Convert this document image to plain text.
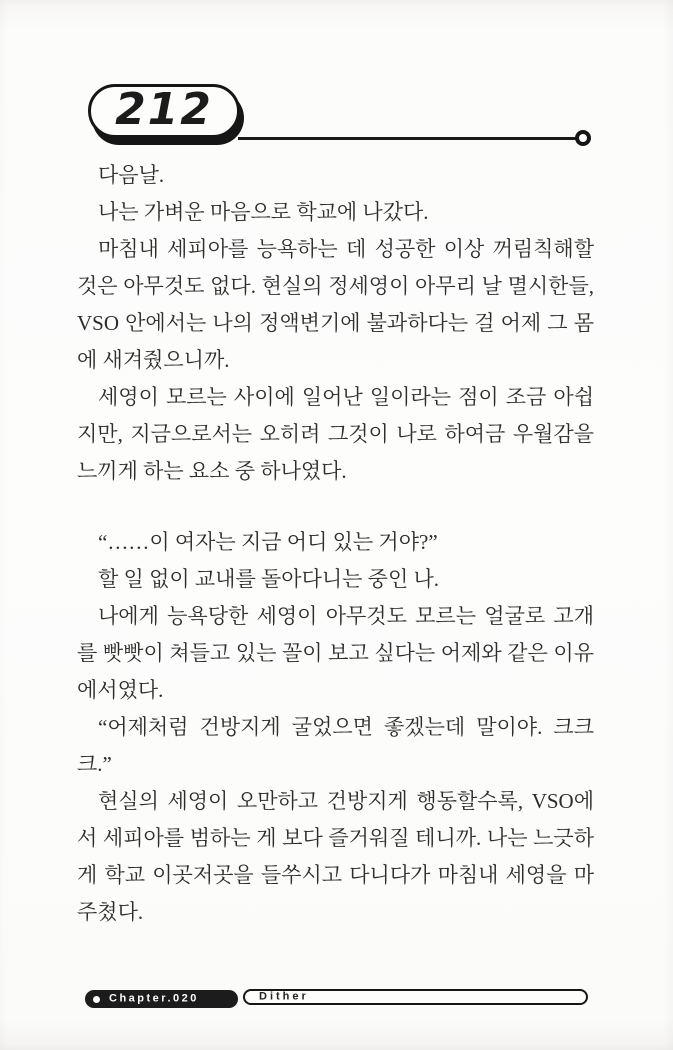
212

다음날.

나는 가벼운 마음으로 학교에 나갔다.

마침내 세피아를 능욕하는 데 성공한 이상 꺼림칙해할 것은 아무것도 없다. 현실의 정세영이 아무리 날 멸시한들, VSO 안에서는 나의 정액변기에 불과하다는 걸 어제 그 몸에 새겨줬으니까.

세영이 모르는 사이에 일어난 일이라는 점이 조금 아쉽지만, 지금으로서는 오히려 그것이 나로 하여금 우월감을 느끼게 하는 요소 중 하나였다.

“……이 여자는 지금 어디 있는 거야?”

할 일 없이 교내를 돌아다니는 중인 나.

나에게 능욕당한 세영이 아무것도 모르는 얼굴로 고개를 빳빳이 쳐들고 있는 꼴이 보고 싶다는 어제와 같은 이유에서였다.

“어제처럼 건방지게 굴었으면 좋겠는데 말이야. 크크크.”

현실의 세영이 오만하고 건방지게 행동할수록, VSO에서 세피아를 범하는 게 보다 즐거워질 테니까. 나는 느긋하게 학교 이곳저곳을 들쑤시고 다니다가 마침내 세영을 마주쳤다.

Chapter.020	Dither
